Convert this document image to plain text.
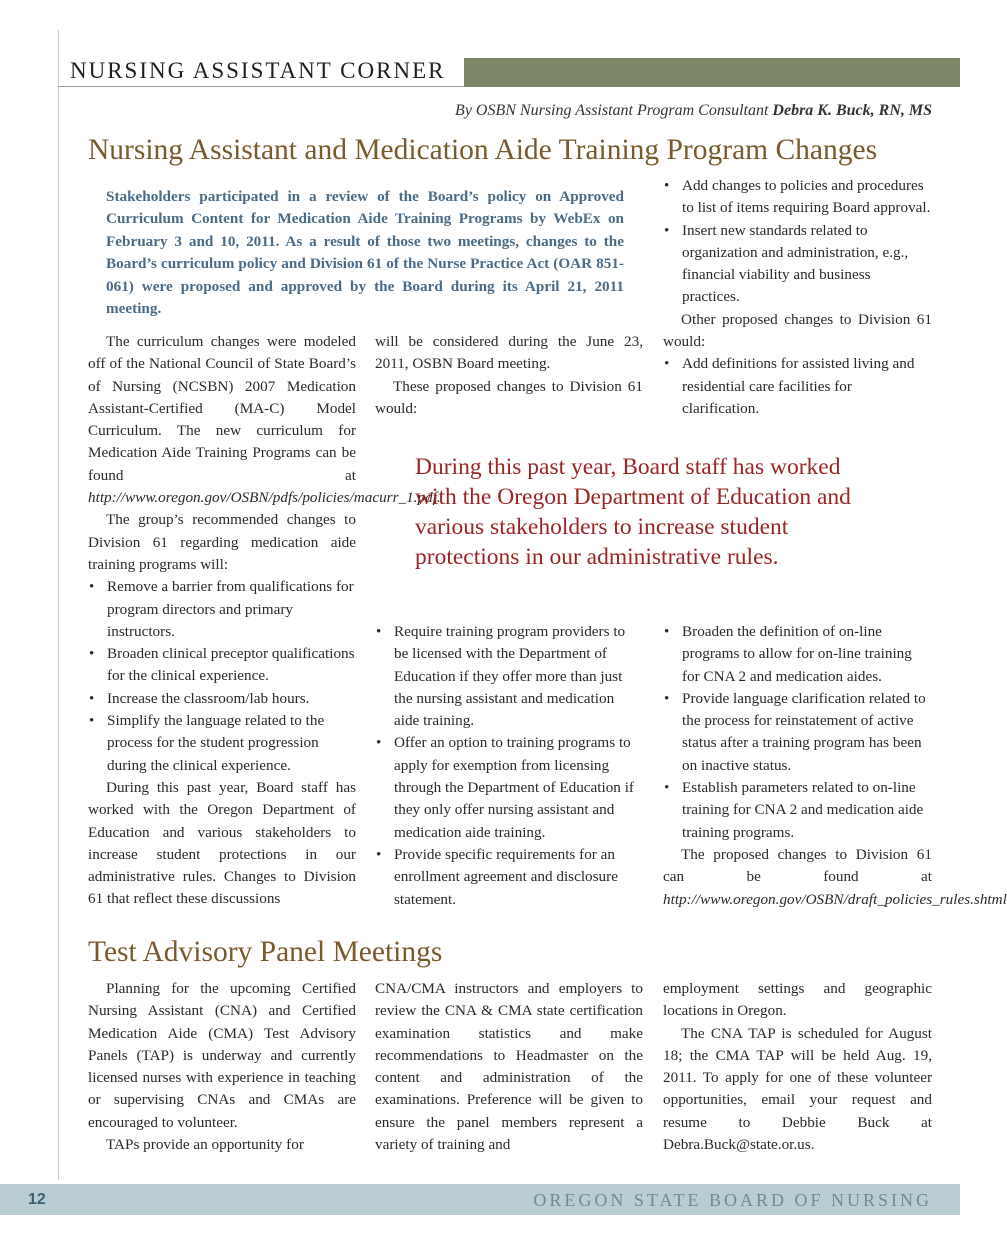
NURSING ASSISTANT CORNER
By OSBN Nursing Assistant Program Consultant Debra K. Buck, RN, MS
Nursing Assistant and Medication Aide Training Program Changes
Stakeholders participated in a review of the Board’s policy on Approved Curriculum Content for Medication Aide Training Programs by WebEx on February 3 and 10, 2011. As a result of those two meetings, changes to the Board’s curriculum policy and Division 61 of the Nurse Practice Act (OAR 851-061) were proposed and approved by the Board during its April 21, 2011 meeting.

The curriculum changes were modeled off of the National Council of State Board’s of Nursing (NCSBN) 2007 Medication Assistant-Certified (MA-C) Model Curriculum. The new curriculum for Medication Aide Training Programs can be found at http://www.oregon.gov/OSBN/pdfs/policies/macurr_1.pdf.

The group’s recommended changes to Division 61 regarding medication aide training programs will:

• Remove a barrier from qualifications for program directors and primary instructors.
• Broaden clinical preceptor qualifications for the clinical experience.
• Increase the classroom/lab hours.
• Simplify the language related to the process for the student progression during the clinical experience.

During this past year, Board staff has worked with the Oregon Department of Education and various stakeholders to increase student protections in our administrative rules. Changes to Division 61 that reflect these discussions

will be considered during the June 23, 2011, OSBN Board meeting.

These proposed changes to Division 61 would:

• Add changes to policies and procedures to list of items requiring Board approval.
• Insert new standards related to organization and administration, e.g., financial viability and business practices.

Other proposed changes to Division 61 would:

• Add definitions for assisted living and residential care facilities for clarification.
During this past year, Board staff has worked with the Oregon Department of Education and various stakeholders to increase student protections in our administrative rules.
• Require training program providers to be licensed with the Department of Education if they offer more than just the nursing assistant and medication aide training.
• Offer an option to training programs to apply for exemption from licensing through the Department of Education if they only offer nursing assistant and medication aide training.
• Provide specific requirements for an enrollment agreement and disclosure statement.
• Broaden the definition of on-line programs to allow for on-line training for CNA 2 and medication aides.
• Provide language clarification related to the process for reinstatement of active status after a training program has been on inactive status.
• Establish parameters related to on-line training for CNA 2 and medication aide training programs.

The proposed changes to Division 61 can be found at http://www.oregon.gov/OSBN/draft_policies_rules.shtml

Test Advisory Panel Meetings

Planning for the upcoming Certified Nursing Assistant (CNA) and Certified Medication Aide (CMA) Test Advisory Panels (TAP) is underway and currently licensed nurses with experience in teaching or supervising CNAs and CMAs are encouraged to volunteer.

TAPs provide an opportunity for

CNA/CMA instructors and employers to review the CNA & CMA state certification examination statistics and make recommendations to Headmaster on the content and administration of the examinations. Preference will be given to ensure the panel members represent a variety of training and

employment settings and geographic locations in Oregon.

The CNA TAP is scheduled for August 18; the CMA TAP will be held Aug. 19, 2011. To apply for one of these volunteer opportunities, email your request and resume to Debbie Buck at Debra.Buck@state.or.us.

12	OREGON STATE BOARD OF NURSING
